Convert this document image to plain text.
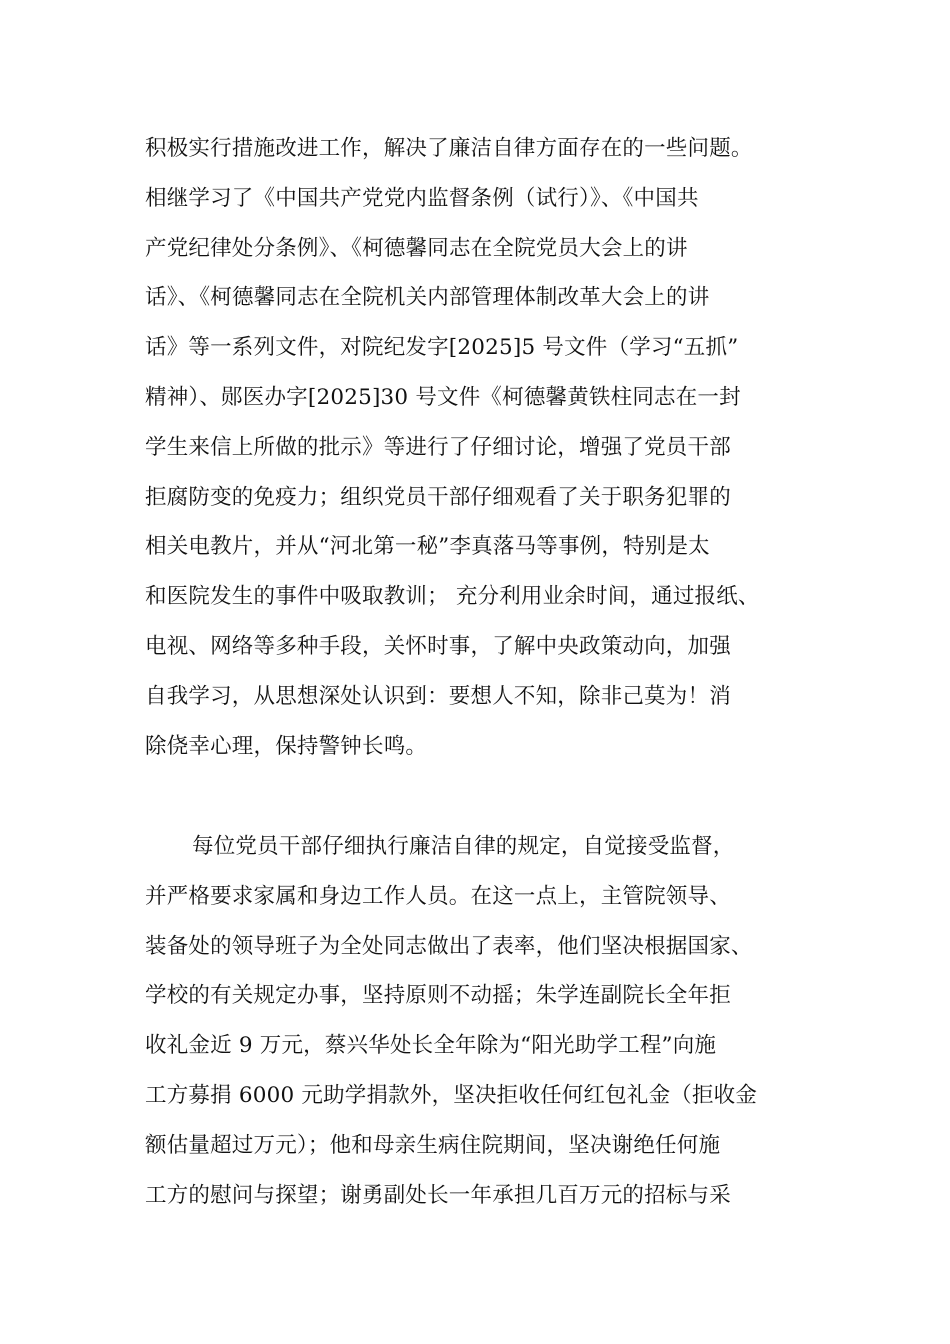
积极实行措施改进工作，解决了廉洁自律方面存在的一些问题。
相继学习了《中国共产党党内监督条例（试行）》、《中国共
产党纪律处分条例》、《柯德馨同志在全院党员大会上的讲
话》、《柯德馨同志在全院机关内部管理体制改革大会上的讲
话》等一系列文件，对院纪发字[2025]5 号文件（学习“五抓”
精神）、郧医办字[2025]30 号文件《柯德馨黄铁柱同志在一封
学生来信上所做的批示》等进行了仔细讨论，增强了党员干部
拒腐防变的免疫力；组织党员干部仔细观看了关于职务犯罪的
相关电教片，并从“河北第一秘”李真落马等事例，特别是太
和医院发生的事件中吸取教训； 充分利用业余时间，通过报纸、
电视、网络等多种手段，关怀时事，了解中央政策动向，加强
自我学习，从思想深处认识到：要想人不知，除非己莫为！消
除侥幸心理，保持警钟长鸣。
每位党员干部仔细执行廉洁自律的规定，自觉接受监督，
并严格要求家属和身边工作人员。在这一点上，主管院领导、
装备处的领导班子为全处同志做出了表率，他们坚决根据国家、
学校的有关规定办事，坚持原则不动摇；朱学连副院长全年拒
收礼金近 9 万元，蔡兴华处长全年除为“阳光助学工程”向施
工方募捐 6000 元助学捐款外，坚决拒收任何红包礼金（拒收金
额估量超过万元）；他和母亲生病住院期间，坚决谢绝任何施
工方的慰问与探望；谢勇副处长一年承担几百万元的招标与采
